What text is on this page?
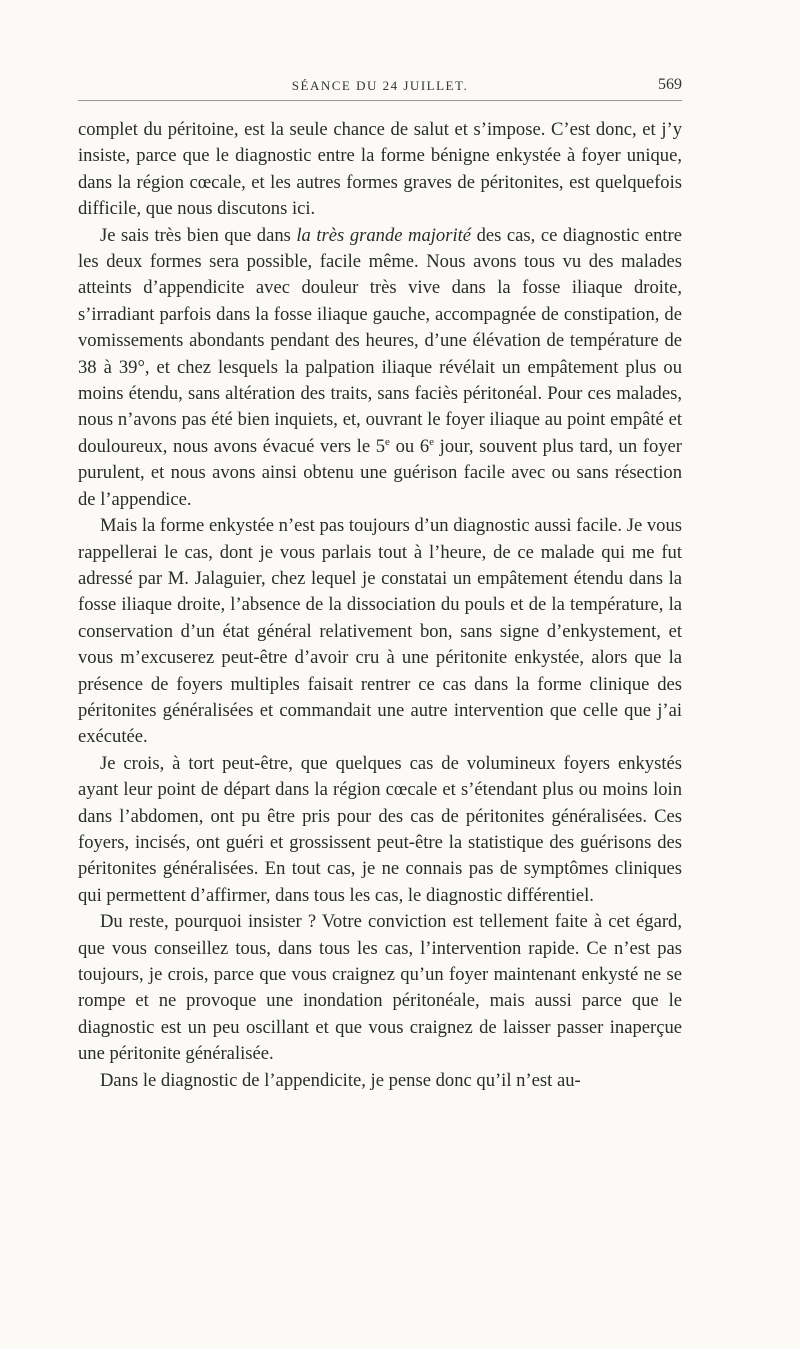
SÉANCE DU 24 JUILLET.	569

complet du péritoine, est la seule chance de salut et s’impose. C’est donc, et j’y insiste, parce que le diagnostic entre la forme bénigne enkystée à foyer unique, dans la région cœcale, et les autres formes graves de péritonites, est quelquefois difficile, que nous discutons ici.

Je sais très bien que dans la très grande majorité des cas, ce diagnostic entre les deux formes sera possible, facile même. Nous avons tous vu des malades atteints d’appendicite avec douleur très vive dans la fosse iliaque droite, s’irradiant parfois dans la fosse iliaque gauche, accompagnée de constipation, de vomissements abondants pendant des heures, d’une élévation de température de 38 à 39°, et chez lesquels la palpation iliaque révélait un empâtement plus ou moins étendu, sans altération des traits, sans faciès péritonéal. Pour ces malades, nous n’avons pas été bien inquiets, et, ouvrant le foyer iliaque au point empâté et douloureux, nous avons évacué vers le 5e ou 6e jour, souvent plus tard, un foyer purulent, et nous avons ainsi obtenu une guérison facile avec ou sans résection de l’appendice.

Mais la forme enkystée n’est pas toujours d’un diagnostic aussi facile. Je vous rappellerai le cas, dont je vous parlais tout à l’heure, de ce malade qui me fut adressé par M. Jalaguier, chez lequel je constatai un empâtement étendu dans la fosse iliaque droite, l’absence de la dissociation du pouls et de la température, la conservation d’un état général relativement bon, sans signe d’enkystement, et vous m’excuserez peut-être d’avoir cru à une péritonite enkystée, alors que la présence de foyers multiples faisait rentrer ce cas dans la forme clinique des péritonites généralisées et commandait une autre intervention que celle que j’ai exécutée.

Je crois, à tort peut-être, que quelques cas de volumineux foyers enkystés ayant leur point de départ dans la région cœcale et s’étendant plus ou moins loin dans l’abdomen, ont pu être pris pour des cas de péritonites généralisées. Ces foyers, incisés, ont guéri et grossissent peut-être la statistique des guérisons des péritonites généralisées. En tout cas, je ne connais pas de symptômes cliniques qui permettent d’affirmer, dans tous les cas, le diagnostic différentiel.

Du reste, pourquoi insister ? Votre conviction est tellement faite à cet égard, que vous conseillez tous, dans tous les cas, l’intervention rapide. Ce n’est pas toujours, je crois, parce que vous craignez qu’un foyer maintenant enkysté ne se rompe et ne provoque une inondation péritonéale, mais aussi parce que le diagnostic est un peu oscillant et que vous craignez de laisser passer inaperçue une péritonite généralisée.

Dans le diagnostic de l’appendicite, je pense donc qu’il n’est au-
